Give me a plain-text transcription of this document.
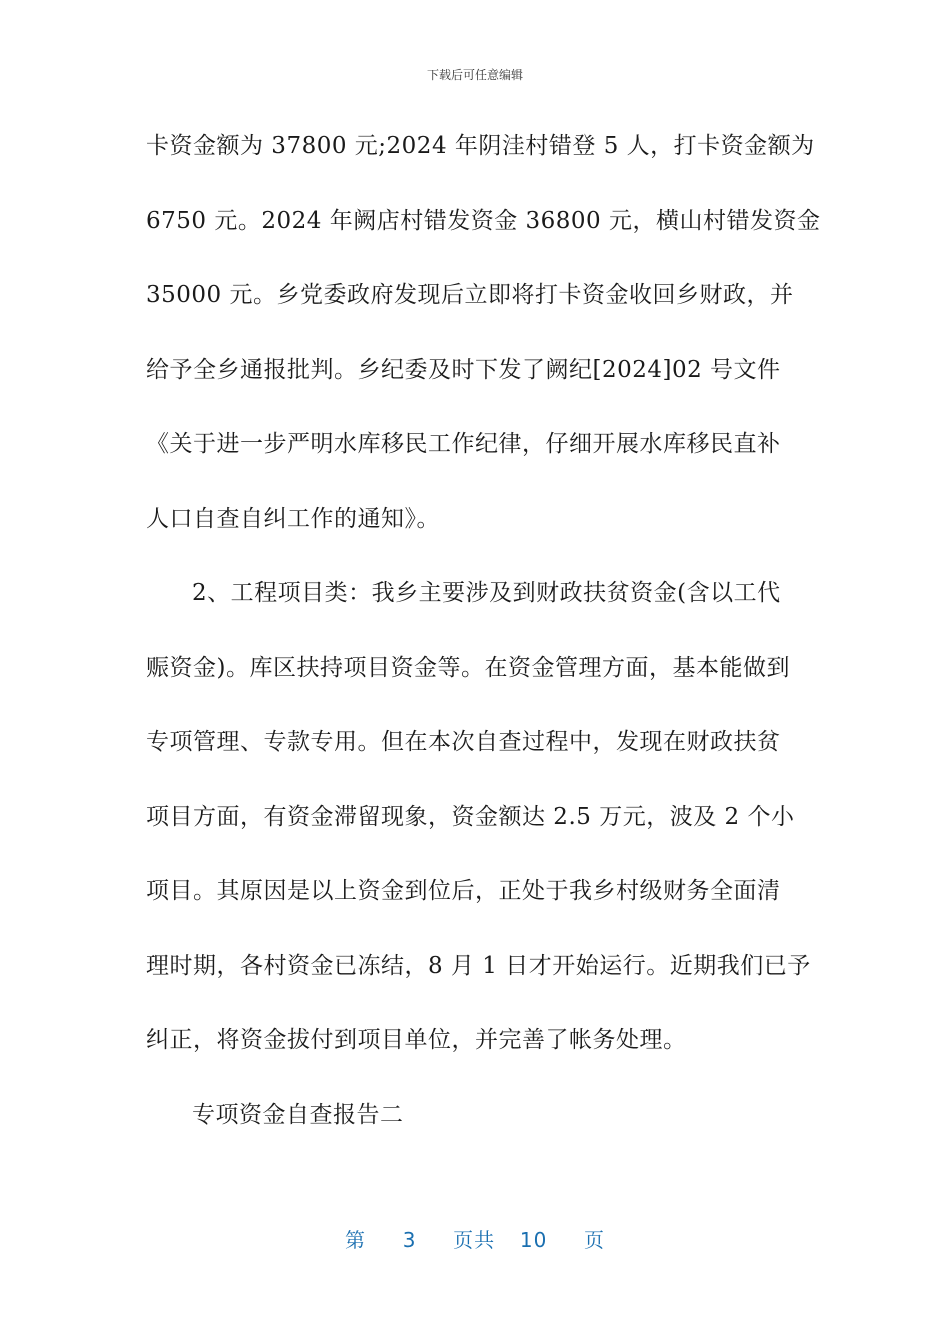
下载后可任意编辑
卡资金额为 37800 元;2024 年阴洼村错登 5 人，打卡资金额为
6750 元。2024 年阙店村错发资金 36800 元，横山村错发资金
35000 元。乡党委政府发现后立即将打卡资金收回乡财政，并
给予全乡通报批判。乡纪委及时下发了阙纪[2024]02 号文件
《关于进一步严明水库移民工作纪律，仔细开展水库移民直补
人口自查自纠工作的通知》。
2、工程项目类：我乡主要涉及到财政扶贫资金(含以工代
赈资金)。库区扶持项目资金等。在资金管理方面，基本能做到
专项管理、专款专用。但在本次自查过程中，发现在财政扶贫
项目方面，有资金滞留现象，资金额达 2.5 万元，波及 2 个小
项目。其原因是以上资金到位后，正处于我乡村级财务全面清
理时期，各村资金已冻结，8 月 1 日才开始运行。近期我们已予
纠正，将资金拔付到项目单位，并完善了帐务处理。
专项资金自查报告二
第 3 页共 10 页
